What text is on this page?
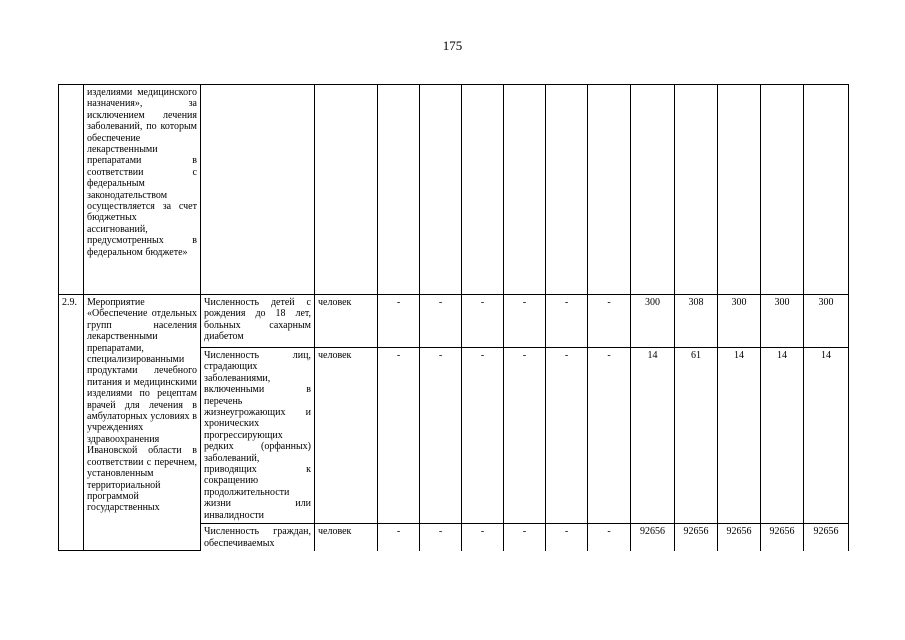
175
	изделиями медицинского назначения», за исключением лечения заболеваний, по которым обеспечение лекарственными препаратами в соответствии с федеральным законодательством осуществляется за счет бюджетных ассигнований, предусмотренных в федеральном бюджете»													
2.9.	Мероприятие «Обеспечение отдельных групп населения лекарственными препаратами, специализированными продуктами лечебного питания и медицинскими изделиями по рецептам врачей для лечения в амбулаторных условиях в учреждениях здравоохранения Ивановской области в соответствии с перечнем, установленным территориальной программой государственных	Численность детей с рождения до 18 лет, больных сахарным диабетом	человек	-	-	-	-	-	-	300	308	300	300	300
		Численность лиц, страдающих заболеваниями, включенными в перечень жизнеугрожающих и хронических прогрессирующих редких (орфанных) заболеваний, приводящих к сокращению продолжительности жизни или инвалидности	человек	-	-	-	-	-	-	14	61	14	14	14
		Численность граждан, обеспечиваемых	человек	-	-	-	-	-	-	92656	92656	92656	92656	92656
